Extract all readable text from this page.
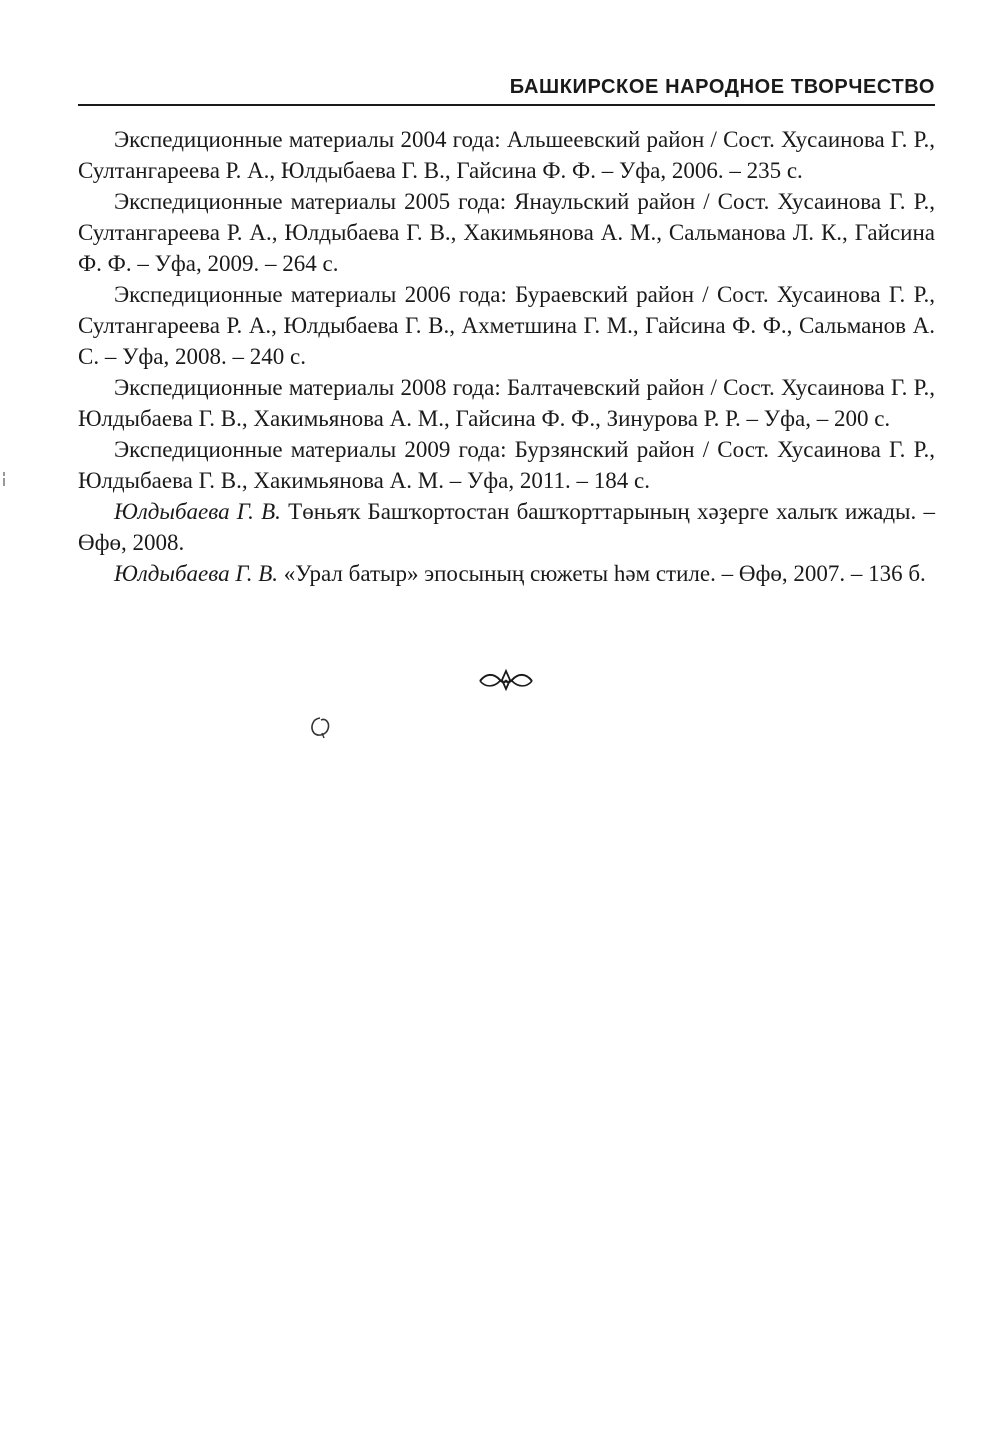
БАШКИРСКОЕ НАРОДНОЕ ТВОРЧЕСТВО

Экспедиционные материалы 2004 года: Альшеевский район / Сост. Хусаинова Г. Р., Султангареева Р. А., Юлдыбаева Г. В., Гайсина Ф. Ф. – Уфа, 2006. – 235 с.

Экспедиционные материалы 2005 года: Янаульский район / Сост. Хусаинова Г. Р., Султангареева Р. А., Юлдыбаева Г. В., Хакимьянова А. М., Сальманова Л. К., Гайсина Ф. Ф. – Уфа, 2009. – 264 с.

Экспедиционные материалы 2006 года: Бураевский район / Сост. Хусаинова Г. Р., Султангареева Р. А., Юлдыбаева Г. В., Ахметшина Г. М., Гайсина Ф. Ф., Сальманов А. С. – Уфа, 2008. – 240 с.

Экспедиционные материалы 2008 года: Балтачевский район / Сост. Хусаинова Г. Р., Юлдыбаева Г. В., Хакимьянова А. М., Гайсина Ф. Ф., Зинурова Р. Р. – Уфа, – 200 с.

Экспедиционные материалы 2009 года: Бурзянский район / Сост. Хусаинова Г. Р., Юлдыбаева Г. В., Хакимьянова А. М. – Уфа, 2011. – 184 с.

Юлдыбаева Г. В. Төньяҡ Башҡортостан башҡорттарының хәҙерге халыҡ ижады. – Өфө, 2008.

Юлдыбаева Г. В. «Урал батыр» эпосының сюжеты һәм стиле. – Өфө, 2007. – 136 б.
